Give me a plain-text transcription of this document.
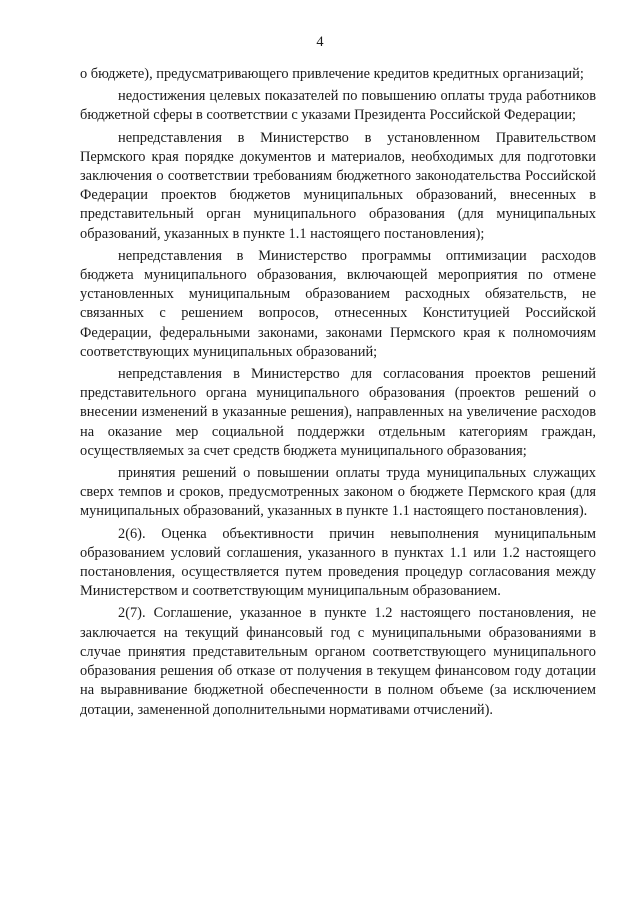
4

о бюджете), предусматривающего привлечение кредитов кредитных организаций;

недостижения целевых показателей по повышению оплаты труда работников бюджетной сферы в соответствии с указами Президента Российской Федерации;

непредставления в Министерство в установленном Правительством Пермского края порядке документов и материалов, необходимых для подготовки заключения о соответствии требованиям бюджетного законодательства Российской Федерации проектов бюджетов муниципальных образований, внесенных в представительный орган муниципального образования (для муниципальных образований, указанных в пункте 1.1 настоящего постановления);

непредставления в Министерство программы оптимизации расходов бюджета муниципального образования, включающей мероприятия по отмене установленных муниципальным образованием расходных обязательств, не связанных с решением вопросов, отнесенных Конституцией Российской Федерации, федеральными законами, законами Пермского края к полномочиям соответствующих муниципальных образований;

непредставления в Министерство для согласования проектов решений представительного органа муниципального образования (проектов решений о внесении изменений в указанные решения), направленных на увеличение расходов на оказание мер социальной поддержки отдельным категориям граждан, осуществляемых за счет средств бюджета муниципального образования;

принятия решений о повышении оплаты труда муниципальных служащих сверх темпов и сроков, предусмотренных законом о бюджете Пермского края (для муниципальных образований, указанных в пункте 1.1 настоящего постановления).

2(6). Оценка объективности причин невыполнения муниципальным образованием условий соглашения, указанного в пунктах 1.1 или 1.2 настоящего постановления, осуществляется путем проведения процедур согласования между Министерством и соответствующим муниципальным образованием.

2(7). Соглашение, указанное в пункте 1.2 настоящего постановления, не заключается на текущий финансовый год с муниципальными образованиями в случае принятия представительным органом соответствующего муниципального образования решения об отказе от получения в текущем финансовом году дотации на выравнивание бюджетной обеспеченности в полном объеме (за исключением дотации, замененной дополнительными нормативами отчислений).
